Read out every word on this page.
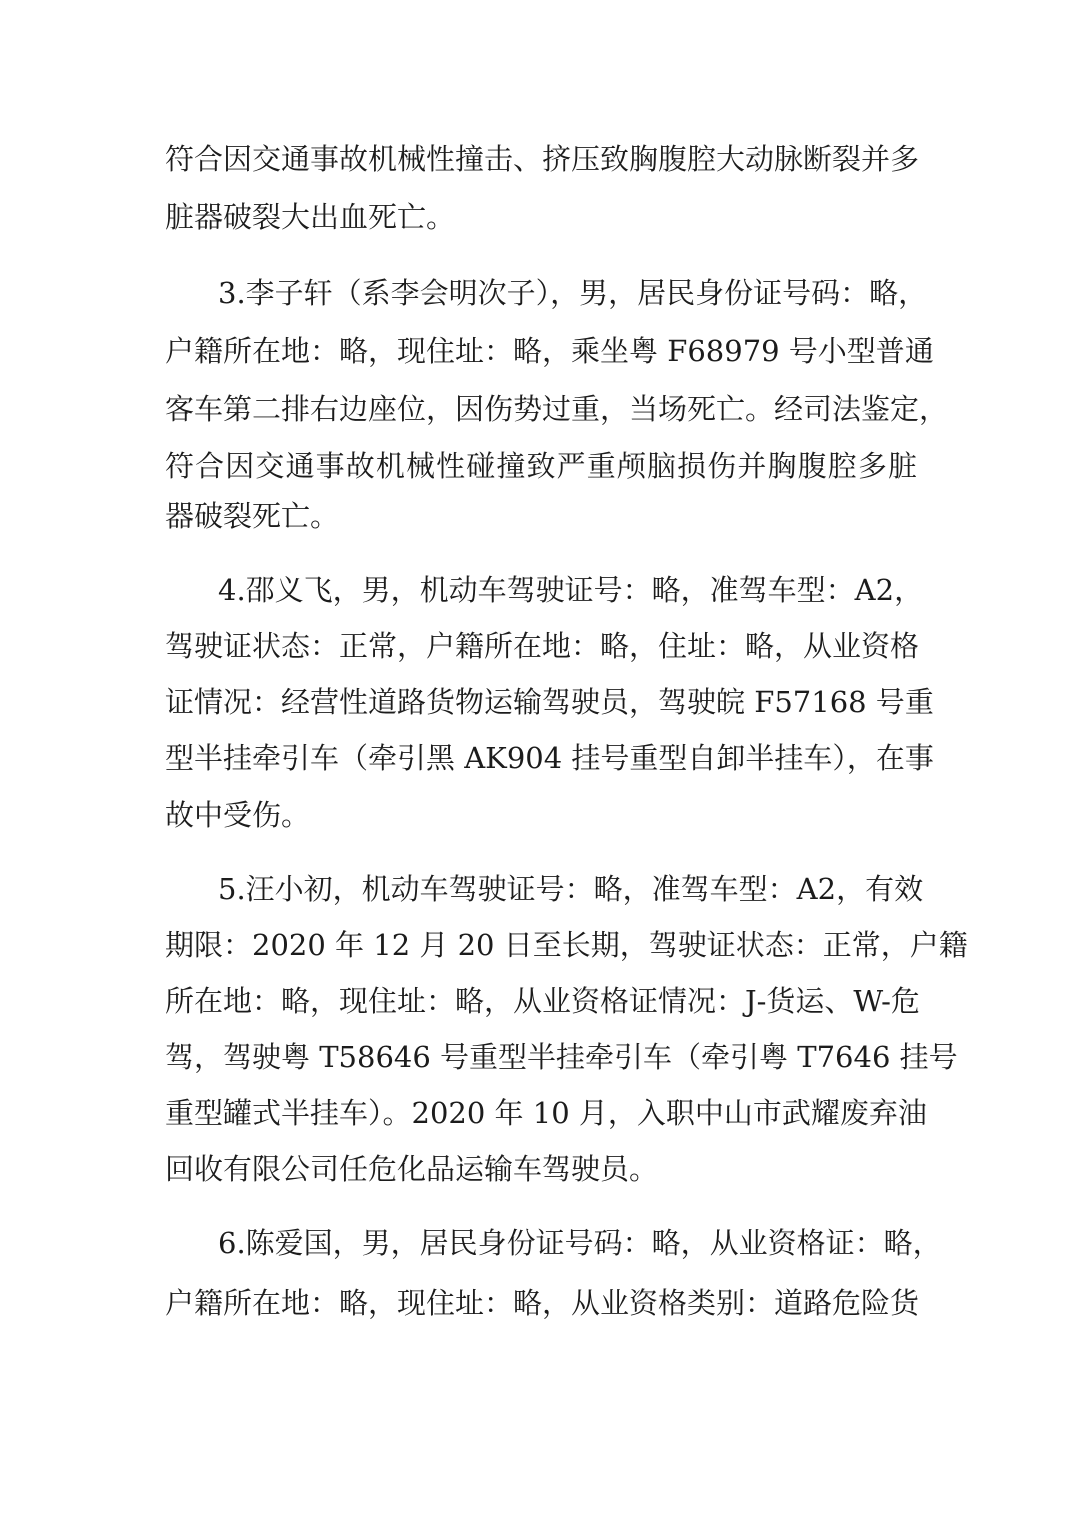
符合因交通事故机械性撞击、挤压致胸腹腔大动脉断裂并多
脏器破裂大出血死亡。
3.李子轩（系李会明次子），男，居民身份证号码：略，
户籍所在地：略，现住址：略，乘坐粤 F68979 号小型普通
客车第二排右边座位，因伤势过重，当场死亡。经司法鉴定，
符合因交通事故机械性碰撞致严重颅脑损伤并胸腹腔多脏
器破裂死亡。
4.邵义飞，男，机动车驾驶证号：略，准驾车型：A2，
驾驶证状态：正常，户籍所在地：略，住址：略，从业资格
证情况：经营性道路货物运输驾驶员，驾驶皖 F57168 号重
型半挂牵引车（牵引黑 AK904 挂号重型自卸半挂车），在事
故中受伤。
5.汪小初，机动车驾驶证号：略，准驾车型：A2，有效
期限：2020 年 12 月 20 日至长期，驾驶证状态：正常，户籍
所在地：略，现住址：略，从业资格证情况：J-货运、W-危
驾，驾驶粤 T58646 号重型半挂牵引车（牵引粤 T7646 挂号
重型罐式半挂车）。2020 年 10 月，入职中山市武耀废弃油
回收有限公司任危化品运输车驾驶员。
6.陈爱国，男，居民身份证号码：略，从业资格证：略，
户籍所在地：略，现住址：略，从业资格类别：道路危险货
